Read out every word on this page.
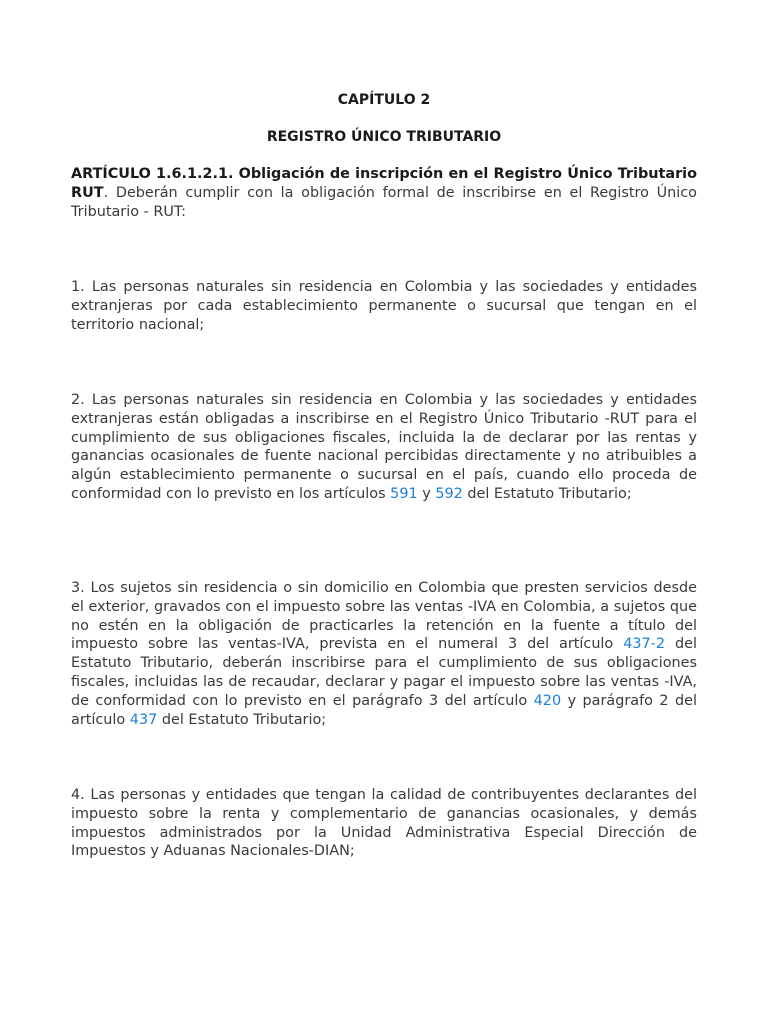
CAPÍTULO 2

REGISTRO ÚNICO TRIBUTARIO

ARTÍCULO 1.6.1.2.1. Obligación de inscripción en el Registro Único Tributario RUT. Deberán cumplir con la obligación formal de inscribirse en el Registro Único Tributario - RUT:

1. Las personas naturales sin residencia en Colombia y las sociedades y entidades extranjeras por cada establecimiento permanente o sucursal que tengan en el territorio nacional;

2. Las personas naturales sin residencia en Colombia y las sociedades y entidades extranjeras están obligadas a inscribirse en el Registro Único Tributario -RUT para el cumplimiento de sus obligaciones fiscales, incluida la de declarar por las rentas y ganancias ocasionales de fuente nacional percibidas directamente y no atribuibles a algún establecimiento permanente o sucursal en el país, cuando ello proceda de conformidad con lo previsto en los artículos 591 y 592 del Estatuto Tributario;

3. Los sujetos sin residencia o sin domicilio en Colombia que presten servicios desde el exterior, gravados con el impuesto sobre las ventas -IVA en Colombia, a sujetos que no estén en la obligación de practicarles la retención en la fuente a título del impuesto sobre las ventas-IVA, prevista en el numeral 3 del artículo 437-2 del Estatuto Tributario, deberán inscribirse para el cumplimiento de sus obligaciones fiscales, incluidas las de recaudar, declarar y pagar el impuesto sobre las ventas -IVA, de conformidad con lo previsto en el parágrafo 3 del artículo 420 y parágrafo 2 del artículo 437 del Estatuto Tributario;

4. Las personas y entidades que tengan la calidad de contribuyentes declarantes del impuesto sobre la renta y complementario de ganancias ocasionales, y demás impuestos administrados por la Unidad Administrativa Especial Dirección de Impuestos y Aduanas Nacionales-DIAN;
